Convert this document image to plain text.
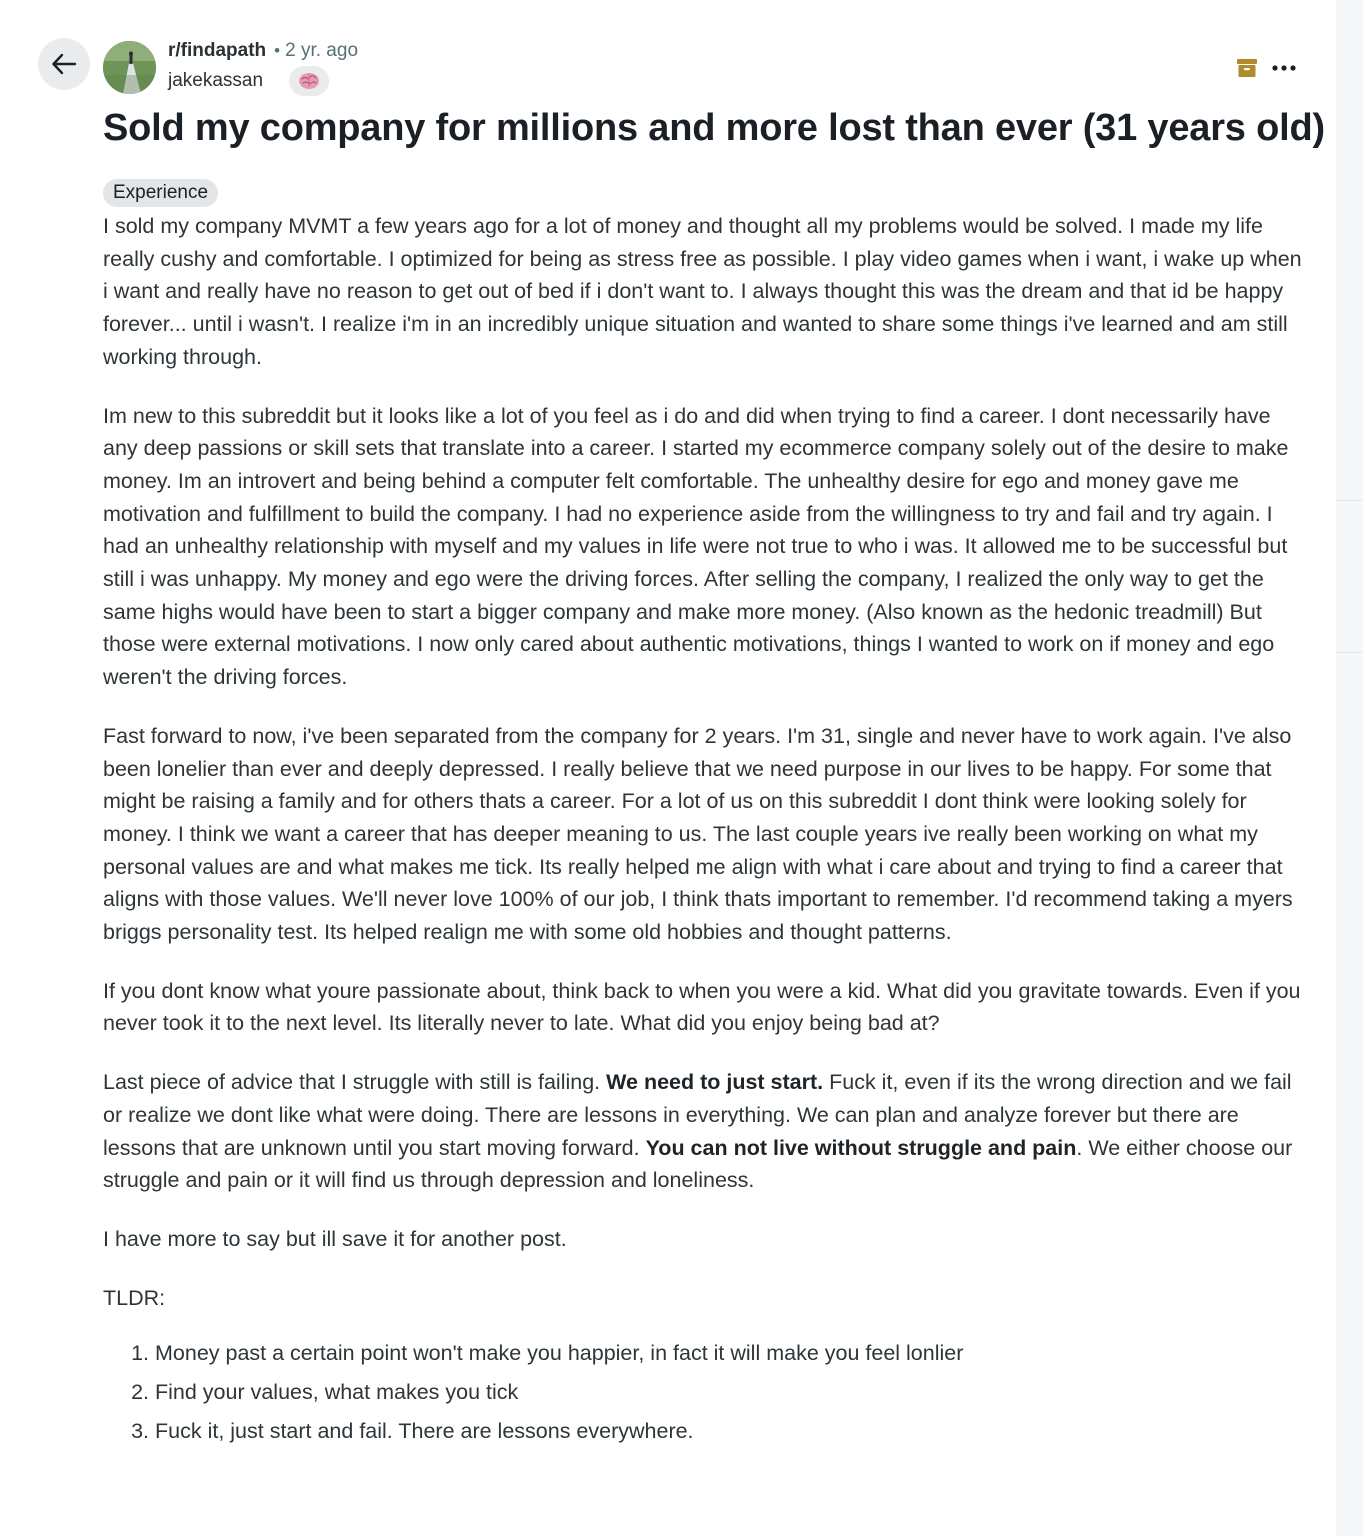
r/findapath • 2 yr. ago
jakekassan
Sold my company for millions and more lost than ever (31 years old)
Experience

I sold my company MVMT a few years ago for a lot of money and thought all my problems would be solved. I made my life really cushy and comfortable. I optimized for being as stress free as possible. I play video games when i want, i wake up when i want and really have no reason to get out of bed if i don't want to. I always thought this was the dream and that id be happy forever... until i wasn't. I realize i'm in an incredibly unique situation and wanted to share some things i've learned and am still working through.

Im new to this subreddit but it looks like a lot of you feel as i do and did when trying to find a career. I dont necessarily have any deep passions or skill sets that translate into a career. I started my ecommerce company solely out of the desire to make money. Im an introvert and being behind a computer felt comfortable. The unhealthy desire for ego and money gave me motivation and fulfillment to build the company. I had no experience aside from the willingness to try and fail and try again. I had an unhealthy relationship with myself and my values in life were not true to who i was. It allowed me to be successful but still i was unhappy. My money and ego were the driving forces. After selling the company, I realized the only way to get the same highs would have been to start a bigger company and make more money. (Also known as the hedonic treadmill) But those were external motivations. I now only cared about authentic motivations, things I wanted to work on if money and ego weren't the driving forces.

Fast forward to now, i've been separated from the company for 2 years. I'm 31, single and never have to work again. I've also been lonelier than ever and deeply depressed. I really believe that we need purpose in our lives to be happy. For some that might be raising a family and for others thats a career. For a lot of us on this subreddit I dont think were looking solely for money. I think we want a career that has deeper meaning to us. The last couple years ive really been working on what my personal values are and what makes me tick. Its really helped me align with what i care about and trying to find a career that aligns with those values. We'll never love 100% of our job, I think thats important to remember. I'd recommend taking a myers briggs personality test. Its helped realign me with some old hobbies and thought patterns.

If you dont know what youre passionate about, think back to when you were a kid. What did you gravitate towards. Even if you never took it to the next level. Its literally never to late. What did you enjoy being bad at?

Last piece of advice that I struggle with still is failing. We need to just start. Fuck it, even if its the wrong direction and we fail or realize we dont like what were doing. There are lessons in everything. We can plan and analyze forever but there are lessons that are unknown until you start moving forward. You can not live without struggle and pain. We either choose our struggle and pain or it will find us through depression and loneliness.

I have more to say but ill save it for another post.

TLDR:

1. Money past a certain point won't make you happier, in fact it will make you feel lonlier
2. Find your values, what makes you tick
3. Fuck it, just start and fail. There are lessons everywhere.
